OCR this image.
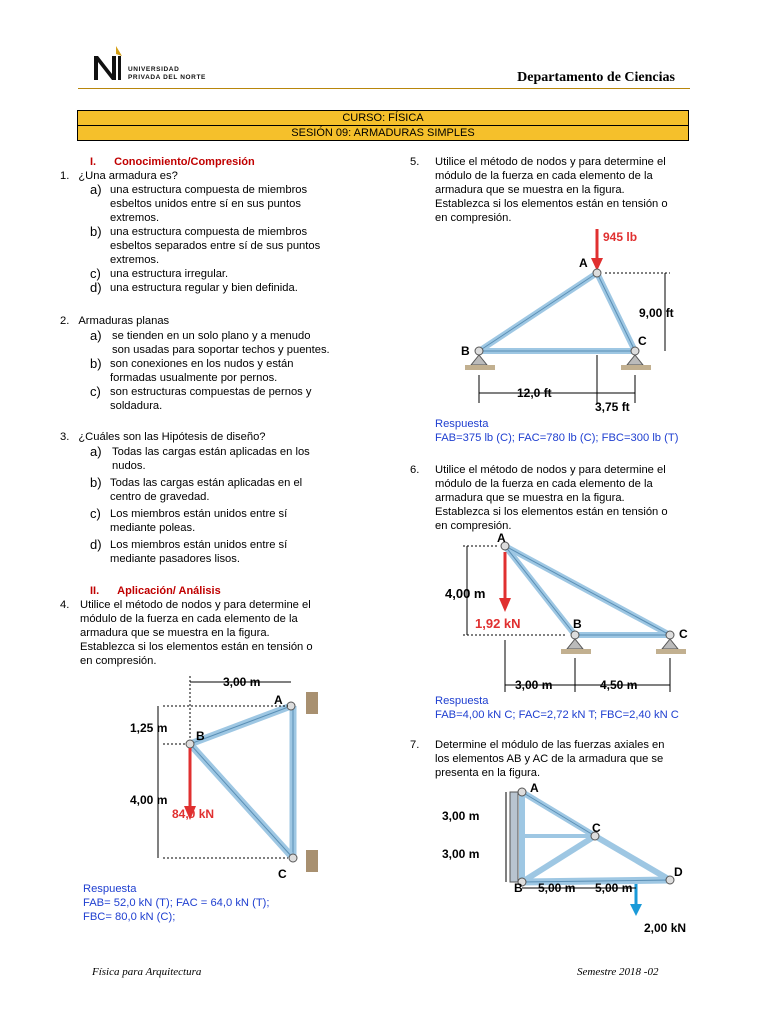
UNIVERSIDAD
PRIVADA DEL NORTE	Departamento de Ciencias
CURSO: FÍSICA
SESIÓN 09: ARMADURAS SIMPLES
I. Conocimiento/Compresión
1. ¿Una armadura es?
a) una estructura compuesta de miembros
esbeltos unidos entre sí en sus puntos
extremos.
b) una estructura compuesta de miembros
esbeltos separados entre sí de sus puntos
extremos.
c) una estructura irregular.
d) una estructura regular y bien definida.
2. Armaduras planas
a) se tienden en un solo plano y a menudo
son usadas para soportar techos y puentes.
b) son conexiones en los nudos y están
formadas usualmente por pernos.
c) son estructuras compuestas de pernos y
soldadura.
3. ¿Cuáles son las Hipótesis de diseño?
a) Todas las cargas están aplicadas en los
nudos.
b) Todas las cargas están aplicadas en el
centro de gravedad.
c) Los miembros están unidos entre sí
mediante poleas.
d) Los miembros están unidos entre sí
mediante pasadores lisos.
II. Aplicación/ Análisis
4. Utilice el método de nodos y para determine el
módulo de la fuerza en cada elemento de la
armadura que se muestra en la figura.
Establezca si los elementos están en tensión o
en compresión.
3,00 m
1,25 m
4,00 m
84,0 kN
A
B
C
Respuesta
FAB= 52,0 kN (T); FAC = 64,0 kN (T);
FBC= 80,0 kN (C);
5.	Utilice el método de nodos y para determine el
módulo de la fuerza en cada elemento de la
armadura que se muestra en la figura.
Establezca si los elementos están en tensión o
en compresión.
945 lb
9,00 ft
12,0 ft
3,75 ft
A
B
C
Respuesta
FAB=375 lb (C); FAC=780 lb (C); FBC=300 lb (T)
6.	Utilice el método de nodos y para determine el
módulo de la fuerza en cada elemento de la
armadura que se muestra en la figura.
Establezca si los elementos están en tensión o
en compresión.
1,92 kN
4,00 m
3,00 m	4,50 m
A
B
C
Respuesta
FAB=4,00 kN C; FAC=2,72 kN T; FBC=2,40 kN C
7.	Determine el módulo de las fuerzas axiales en
los elementos AB y AC de la armadura que se
presenta en la figura.
2,00 kN
3,00 m
3,00 m
5,00 m 5,00 m
A
B
C
D
Física para Arquitectura	Semestre 2018 -02
